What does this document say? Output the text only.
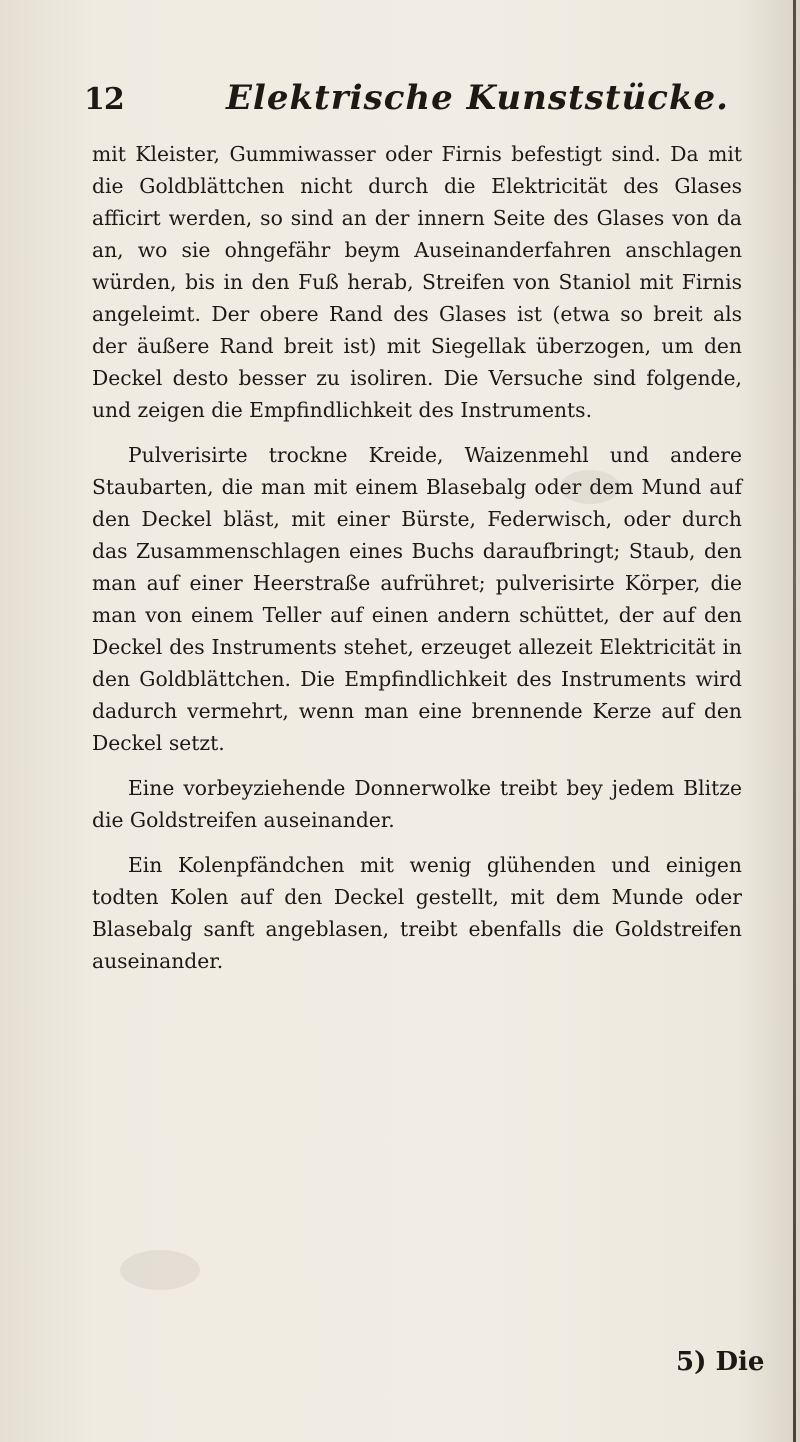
12	Elektrische Kunststücke.

mit Kleister, Gummiwasser oder Firnis befestigt sind. Da mit die Goldblättchen nicht durch die Elektricität des Glases afficirt werden, so sind an der innern Seite des Glases von da an, wo sie ohngefähr beym Auseinanderfahren anschlagen würden, bis in den Fuß herab, Streifen von Staniol mit Firnis angeleimt. Der obere Rand des Glases ist (etwa so breit als der äußere Rand breit ist) mit Siegellak überzogen, um den Deckel desto besser zu isoliren. Die Versuche sind folgende, und zeigen die Empfindlichkeit des Instruments.

Pulverisirte trockne Kreide, Waizenmehl und andere Staubarten, die man mit einem Blasebalg oder dem Mund auf den Deckel bläst, mit einer Bürste, Federwisch, oder durch das Zusammenschlagen eines Buchs daraufbringt; Staub, den man auf einer Heerstraße aufrühret; pulverisirte Körper, die man von einem Teller auf einen andern schüttet, der auf den Deckel des Instruments stehet, erzeuget allezeit Elektricität in den Goldblättchen. Die Empfindlichkeit des Instruments wird dadurch vermehrt, wenn man eine brennende Kerze auf den Deckel setzt.

Eine vorbeyziehende Donnerwolke treibt bey jedem Blitze die Goldstreifen auseinander.

Ein Kolenpfändchen mit wenig glühenden und einigen todten Kolen auf den Deckel gestellt, mit dem Munde oder Blasebalg sanft angeblasen, treibt ebenfalls die Goldstreifen auseinander.

5) Die
